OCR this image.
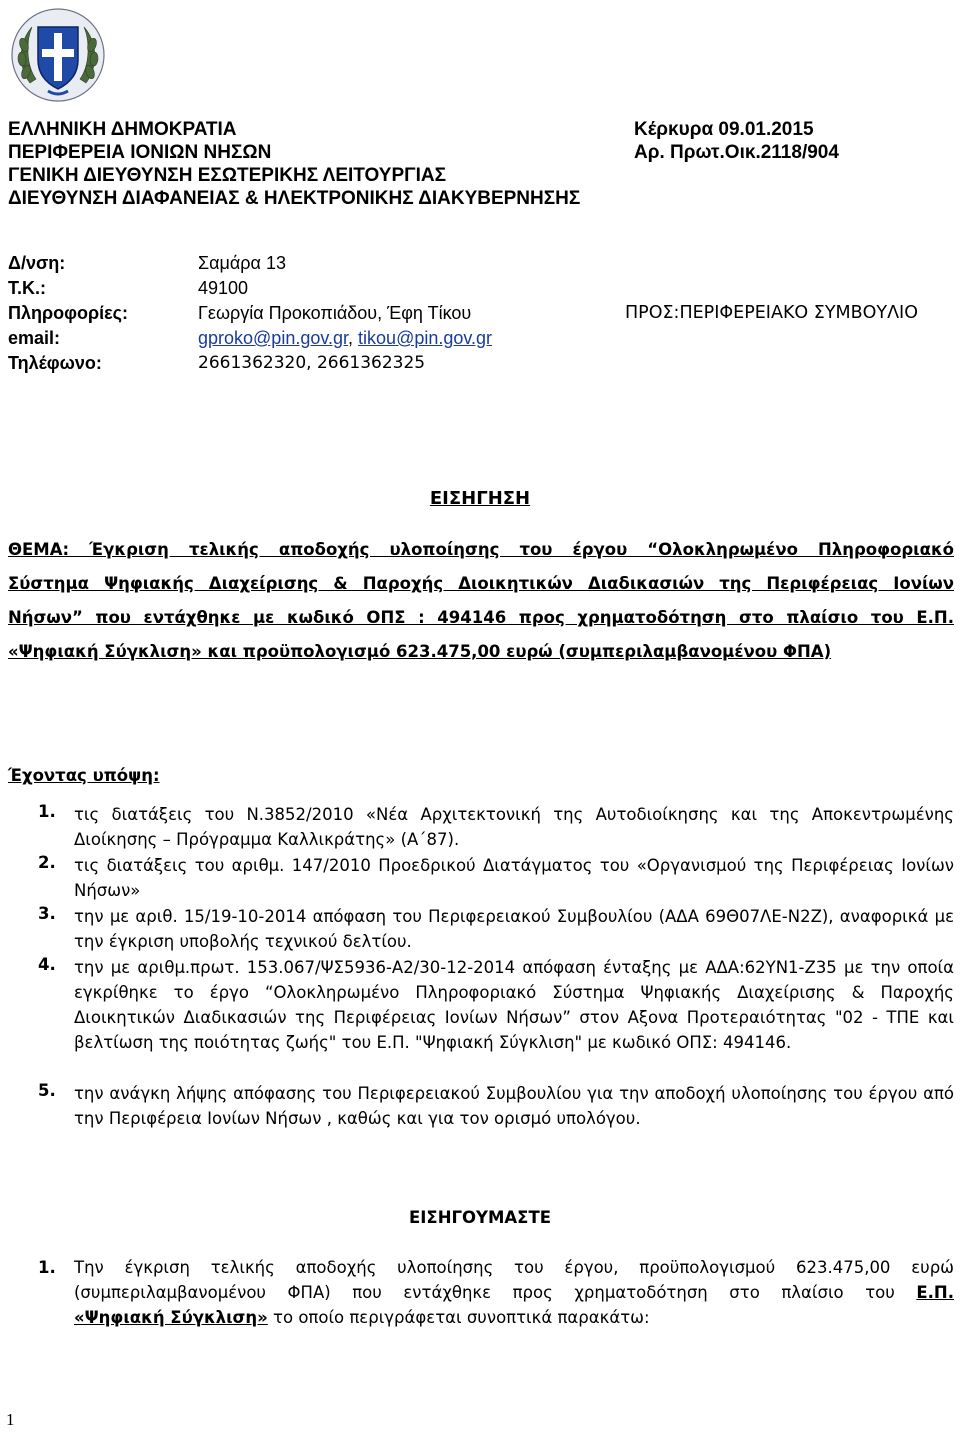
ΕΛΛΗΝΙΚΗ ΔΗΜΟΚΡΑΤΙΑ
ΠΕΡΙΦΕΡΕΙΑ ΙΟΝΙΩΝ ΝΗΣΩΝ
ΓΕΝΙΚΗ ΔΙΕΥΘΥΝΣΗ ΕΣΩΤΕΡΙΚΗΣ ΛΕΙΤΟΥΡΓΙΑΣ
ΔΙΕΥΘΥΝΣΗ ΔΙΑΦΑΝΕΙΑΣ & ΗΛΕΚΤΡΟΝΙΚΗΣ ΔΙΑΚΥΒΕΡΝΗΣΗΣ
Κέρκυρα 09.01.2015
Αρ. Πρωτ.Οικ.2118/904
Δ/νση:	Σαμάρα 13
Τ.Κ.:	49100
Πληροφορίες:	Γεωργία Προκοπιάδου, Έφη Τίκου	ΠΡΟΣ:ΠΕΡΙΦΕΡΕΙΑΚΟ ΣΥΜΒΟΥΛΙΟ
email:	gproko@pin.gov.gr, tikou@pin.gov.gr
Τηλέφωνο:	2661362320, 2661362325
ΕΙΣΗΓΗΣΗ
ΘΕΜΑ: Έγκριση τελικής αποδοχής υλοποίησης του έργου “Ολοκληρωμένο Πληροφοριακό
Σύστημα Ψηφιακής Διαχείρισης & Παροχής Διοικητικών Διαδικασιών της Περιφέρειας Ιονίων
Νήσων” που εντάχθηκε με κωδικό ΟΠΣ : 494146 προς χρηματοδότηση στο πλαίσιο του Ε.Π.
«Ψηφιακή Σύγκλιση» και προϋπολογισμό 623.475,00 ευρώ (συμπεριλαμβανομένου ΦΠΑ)
Έχοντας υπόψη:
1. τις διατάξεις του Ν.3852/2010 «Νέα Αρχιτεκτονική της Αυτοδιοίκησης και της Αποκεντρωμένης Διοίκησης – Πρόγραμμα Καλλικράτης» (Α΄87).
2. τις διατάξεις του αριθμ. 147/2010 Προεδρικού Διατάγματος του «Οργανισμού της Περιφέρειας Ιονίων Νήσων»
3. την με αριθ. 15/19-10-2014 απόφαση του Περιφερειακού Συμβουλίου (ΑΔΑ 69Θ07ΛΕ-Ν2Ζ), αναφορικά με την έγκριση υποβολής τεχνικού δελτίου.
4. την με αριθμ.πρωτ. 153.067/ΨΣ5936-Α2/30-12-2014 απόφαση ένταξης με ΑΔΑ:62ΥΝ1-Ζ35 με την οποία εγκρίθηκε το έργο “Ολοκληρωμένο Πληροφοριακό Σύστημα Ψηφιακής Διαχείρισης & Παροχής Διοικητικών Διαδικασιών της Περιφέρειας Ιονίων Νήσων” στον Αξονα Προτεραιότητας "02 - ΤΠΕ και βελτίωση της ποιότητας ζωής" του Ε.Π. "Ψηφιακή Σύγκλιση" με κωδικό ΟΠΣ: 494146.
5. την ανάγκη λήψης απόφασης του Περιφερειακού Συμβουλίου για την αποδοχή υλοποίησης του έργου από την Περιφέρεια Ιονίων Νήσων , καθώς και για τον ορισμό υπολόγου.
ΕΙΣΗΓΟΥΜΑΣΤΕ
1. Την έγκριση τελικής αποδοχής υλοποίησης του έργου, προϋπολογισμού 623.475,00 ευρώ
(συμπεριλαμβανομένου ΦΠΑ) που εντάχθηκε προς χρηματοδότηση στο πλαίσιο του Ε.Π.
«Ψηφιακή Σύγκλιση» το οποίο περιγράφεται συνοπτικά παρακάτω:
1
